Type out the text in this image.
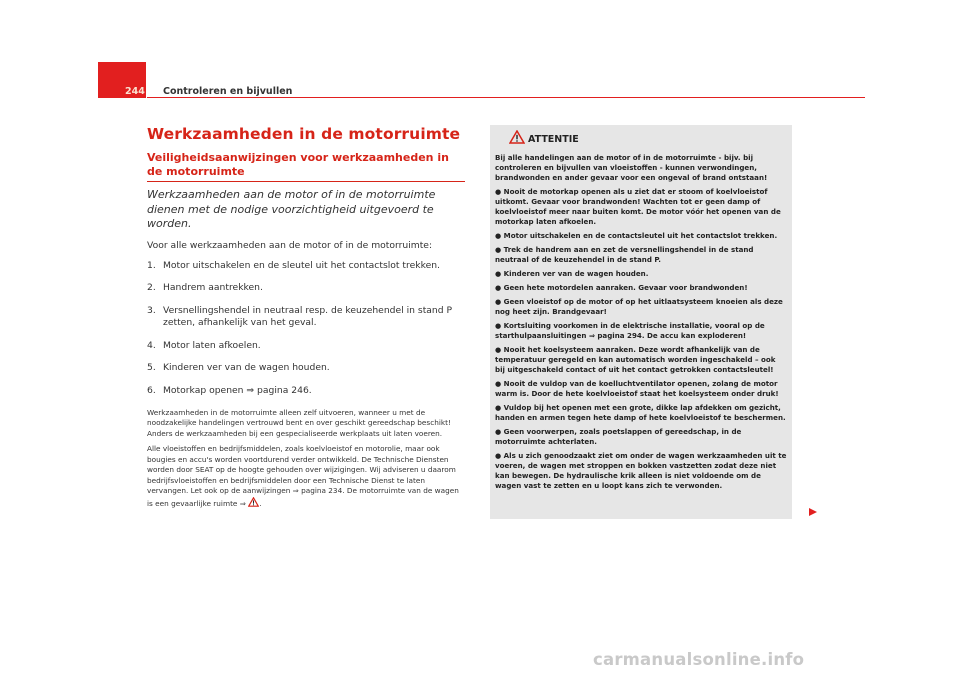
244 Controleren en bijvullen
Werkzaamheden in de motorruimte
Veiligheidsaanwijzingen voor werkzaamheden in de motorruimte

Werkzaamheden aan de motor of in de motorruimte dienen met de nodige voorzichtigheid uitgevoerd te worden.

Voor alle werkzaamheden aan de motor of in de motorruimte:

1. Motor uitschakelen en de sleutel uit het contactslot trekken.
2. Handrem aantrekken.
3. Versnellingshendel in neutraal resp. de keuzehendel in stand P zetten, afhankelijk van het geval.
4. Motor laten afkoelen.
5. Kinderen ver van de wagen houden.
6. Motorkap openen ⇒ pagina 246.

Werkzaamheden in de motorruimte alleen zelf uitvoeren, wanneer u met de noodzakelijke handelingen vertrouwd bent en over geschikt gereedschap beschikt! Anders de werkzaamheden bij een gespecialiseerde werkplaats uit laten voeren.

Alle vloeistoffen en bedrijfsmiddelen, zoals koelvloeistof en motorolie, maar ook bougies en accu's worden voortdurend verder ontwikkeld. De Technische Diensten worden door SEAT op de hoogte gehouden over wijzigingen. Wij adviseren u daarom bedrijfsvloeistoffen en bedrijfsmiddelen door een Technische Dienst te laten vervangen. Let ook op de aanwijzingen ⇒ pagina 234. De motorruimte van de wagen is een gevaarlijke ruimte ⇒ .

ATTENTIE

Bij alle handelingen aan de motor of in de motorruimte - bijv. bij controleren en bijvullen van vloeistoffen - kunnen verwondingen, brandwonden en ander gevaar voor een ongeval of brand ontstaan!

● Nooit de motorkap openen als u ziet dat er stoom of koelvloeistof uitkomt. Gevaar voor brandwonden! Wachten tot er geen damp of koelvloeistof meer naar buiten komt. De motor vóór het openen van de motorkap laten afkoelen.

● Motor uitschakelen en de contactsleutel uit het contactslot trekken.

● Trek de handrem aan en zet de versnellingshendel in de stand neutraal of de keuzehendel in de stand P.

● Kinderen ver van de wagen houden.

● Geen hete motordelen aanraken. Gevaar voor brandwonden!

● Geen vloeistof op de motor of op het uitlaatsysteem knoeien als deze nog heet zijn. Brandgevaar!

● Kortsluiting voorkomen in de elektrische installatie, vooral op de starthulpaansluitingen ⇒ pagina 294. De accu kan exploderen!

● Nooit het koelsysteem aanraken. Deze wordt afhankelijk van de temperatuur geregeld en kan automatisch worden ingeschakeld – ook bij uitgeschakeld contact of uit het contact getrokken contactsleutel!

● Nooit de vuldop van de koelluchtventilator openen, zolang de motor warm is. Door de hete koelvloeistof staat het koelsysteem onder druk!

● Vuldop bij het openen met een grote, dikke lap afdekken om gezicht, handen en armen tegen hete damp of hete koelvloeistof te beschermen.

● Geen voorwerpen, zoals poetslappen of gereedschap, in de motorruimte achterlaten.

● Als u zich genoodzaakt ziet om onder de wagen werkzaamheden uit te voeren, de wagen met stroppen en bokken vastzetten zodat deze niet kan bewegen. De hydraulische krik alleen is niet voldoende om de wagen vast te zetten en u loopt kans zich te verwonden.

carmanualsonline.info
